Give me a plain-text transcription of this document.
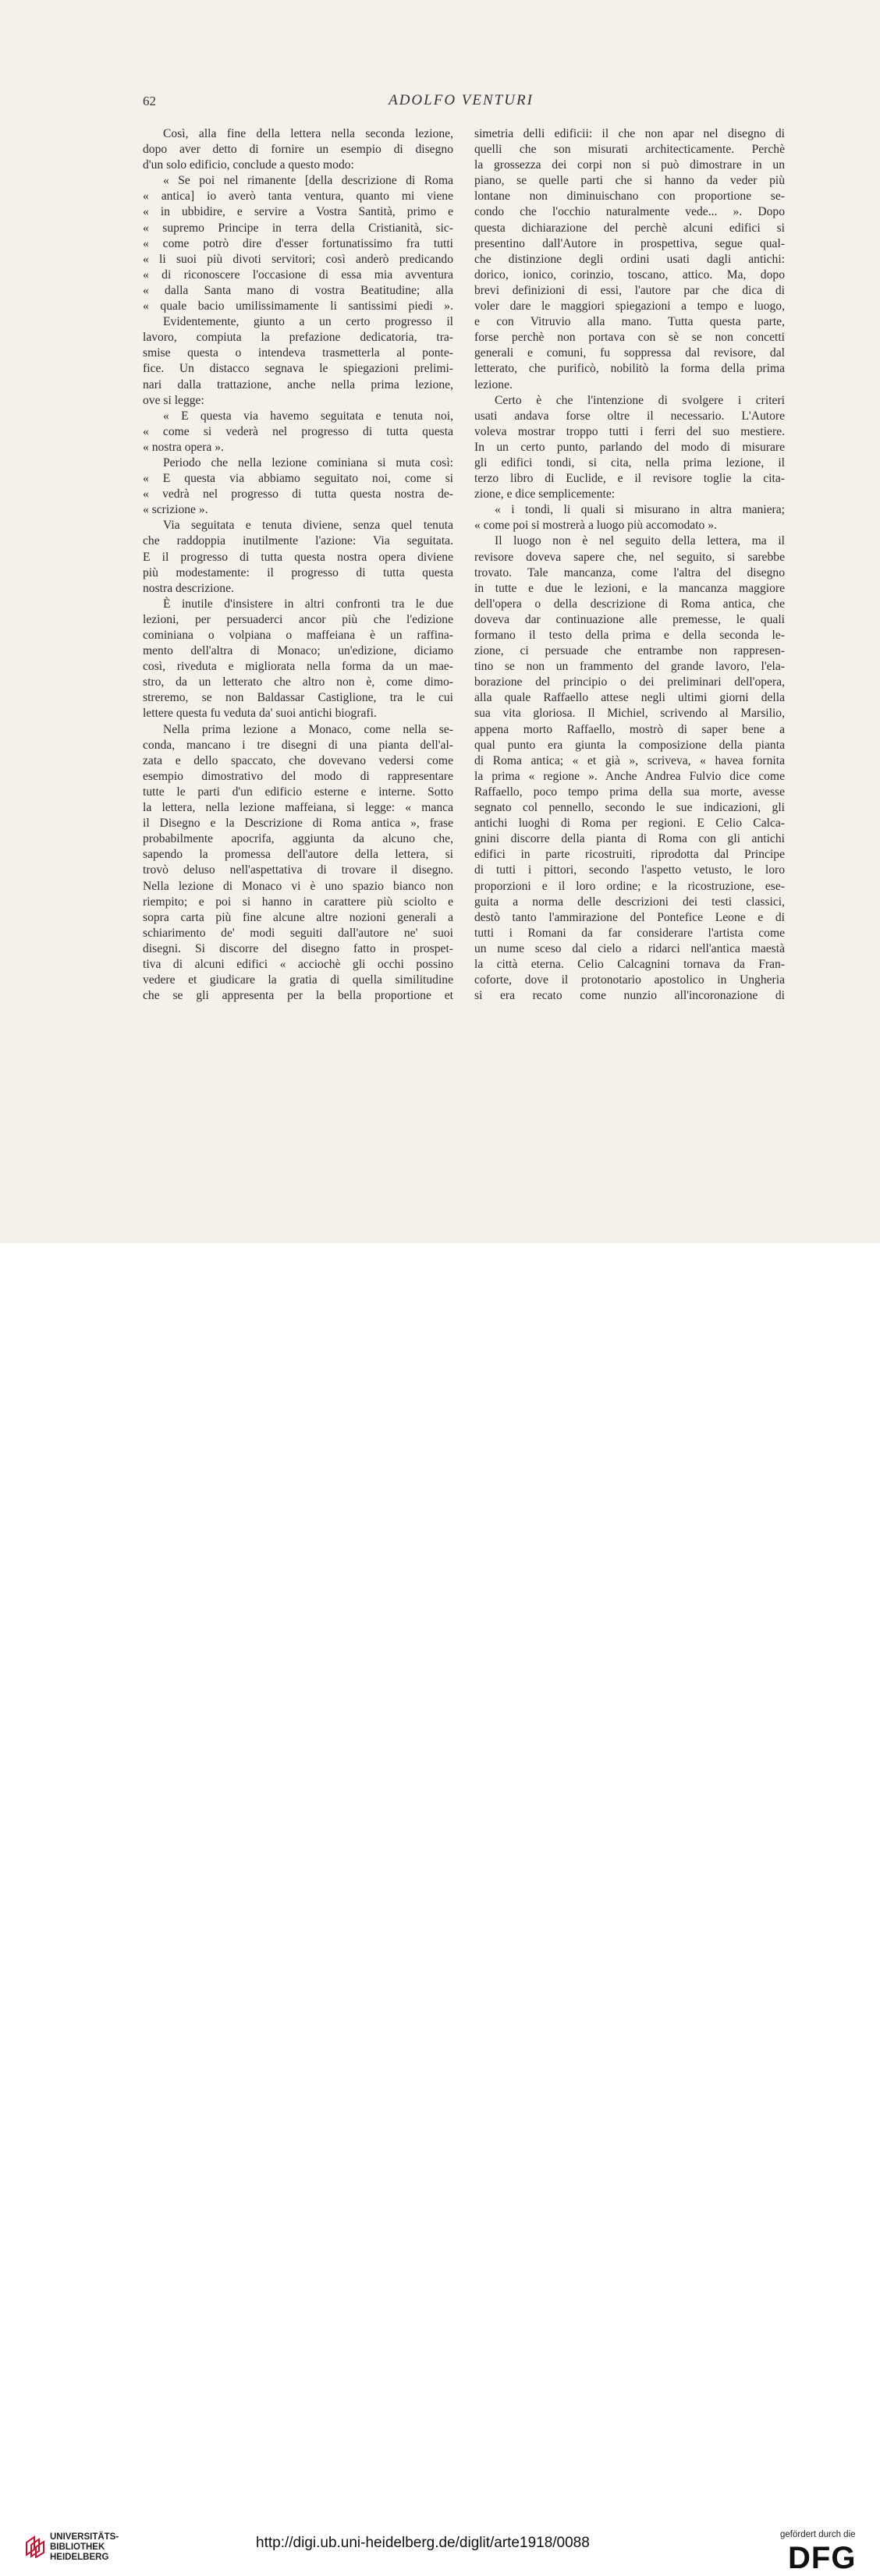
62	ADOLFO VENTURI
Così, alla fine della lettera nella seconda lezione,
dopo aver detto di fornire un esempio di disegno
d'un solo edificio, conclude a questo modo:
« Se poi nel rimanente [della descrizione di Roma
« antica] io averò tanta ventura, quanto mi viene
« in ubbidire, e servire a Vostra Santità, primo e
« supremo Principe in terra della Cristianità, sic-
« come potrò dire d'esser fortunatissimo fra tutti
« li suoi più divoti servitori; così anderò predicando
« di riconoscere l'occasione di essa mia avventura
« dalla Santa mano di vostra Beatitudine; alla
« quale bacio umilissimamente li santissimi piedi ».
Evidentemente, giunto a un certo progresso il
lavoro, compiuta la prefazione dedicatoria, tra-
smise questa o intendeva trasmetterla al ponte-
fice. Un distacco segnava le spiegazioni prelimi-
nari dalla trattazione, anche nella prima lezione,
ove si legge:
« E questa via havemo seguitata e tenuta noi,
« come si vederà nel progresso di tutta questa
« nostra opera ».
Periodo che nella lezione cominiana si muta così:
« E questa via abbiamo seguitato noi, come si
« vedrà nel progresso di tutta questa nostra de-
« scrizione ».
Via seguitata e tenuta diviene, senza quel tenuta
che raddoppia inutilmente l'azione: Via seguitata.
E il progresso di tutta questa nostra opera diviene
più modestamente: il progresso di tutta questa
nostra descrizione.
È inutile d'insistere in altri confronti tra le due
lezioni, per persuaderci ancor più che l'edizione
cominiana o volpiana o maffeiana è un raffina-
mento dell'altra di Monaco; un'edizione, diciamo
così, riveduta e migliorata nella forma da un mae-
stro, da un letterato che altro non è, come dimo-
streremo, se non Baldassar Castiglione, tra le cui
lettere questa fu veduta da' suoi antichi biografi.
Nella prima lezione a Monaco, come nella se-
conda, mancano i tre disegni di una pianta dell'al-
zata e dello spaccato, che dovevano vedersi come
esempio dimostrativo del modo di rappresentare
tutte le parti d'un edificio esterne e interne. Sotto
la lettera, nella lezione maffeiana, si legge: « manca
il Disegno e la Descrizione di Roma antica », frase
probabilmente apocrifa, aggiunta da alcuno che,
sapendo la promessa dell'autore della lettera, si
trovò deluso nell'aspettativa di trovare il disegno.
Nella lezione di Monaco vi è uno spazio bianco non
riempito; e poi si hanno in carattere più sciolto e
sopra carta più fine alcune altre nozioni generali a
schiarimento de' modi seguiti dall'autore ne' suoi
disegni. Si discorre del disegno fatto in prospet-
tiva di alcuni edifici « acciochè gli occhi possino
vedere et giudicare la gratia di quella similitudine
che se gli appresenta per la bella proportione et
simetria delli edificii: il che non apar nel disegno di
quelli che son misurati architecticamente. Perchè
la grossezza dei corpi non si può dimostrare in un
piano, se quelle parti che si hanno da veder più
lontane non diminuischano con proportione se-
condo che l'occhio naturalmente vede... ». Dopo
questa dichiarazione del perchè alcuni edifici si
presentino dall'Autore in prospettiva, segue qual-
che distinzione degli ordini usati dagli antichi:
dorico, ionico, corinzio, toscano, attico. Ma, dopo
brevi definizioni di essi, l'autore par che dica di
voler dare le maggiori spiegazioni a tempo e luogo,
e con Vitruvio alla mano. Tutta questa parte,
forse perchè non portava con sè se non concetti
generali e comuni, fu soppressa dal revisore, dal
letterato, che purificò, nobilitò la forma della prima
lezione.
Certo è che l'intenzione di svolgere i criteri
usati andava forse oltre il necessario. L'Autore
voleva mostrar troppo tutti i ferri del suo mestiere.
In un certo punto, parlando del modo di misurare
gli edifici tondi, si cita, nella prima lezione, il
terzo libro di Euclide, e il revisore toglie la cita-
zione, e dice semplicemente:
« i tondi, li quali si misurano in altra maniera;
« come poi si mostrerà a luogo più accomodato ».
Il luogo non è nel seguito della lettera, ma il
revisore doveva sapere che, nel seguito, si sarebbe
trovato. Tale mancanza, come l'altra del disegno
in tutte e due le lezioni, e la mancanza maggiore
dell'opera o della descrizione di Roma antica, che
doveva dar continuazione alle premesse, le quali
formano il testo della prima e della seconda le-
zione, ci persuade che entrambe non rappresen-
tino se non un frammento del grande lavoro, l'ela-
borazione del principio o dei preliminari dell'opera,
alla quale Raffaello attese negli ultimi giorni della
sua vita gloriosa. Il Michiel, scrivendo al Marsilio,
appena morto Raffaello, mostrò di saper bene a
qual punto era giunta la composizione della pianta
di Roma antica; « et già », scriveva, « havea fornita
la prima « regione ». Anche Andrea Fulvio dice come
Raffaello, poco tempo prima della sua morte, avesse
segnato col pennello, secondo le sue indicazioni, gli
antichi luoghi di Roma per regioni. E Celio Calca-
gnini discorre della pianta di Roma con gli antichi
edifici in parte ricostruiti, riprodotta dal Principe
di tutti i pittori, secondo l'aspetto vetusto, le loro
proporzioni e il loro ordine; e la ricostruzione, ese-
guita a norma delle descrizioni dei testi classici,
destò tanto l'ammirazione del Pontefice Leone e di
tutti i Romani da far considerare l'artista come
un nume sceso dal cielo a ridarci nell'antica maestà
la città eterna. Celio Calcagnini tornava da Fran-
coforte, dove il protonotario apostolico in Ungheria
si era recato come nunzio all'incoronazione di
UNIVERSITÄTS-
BIBLIOTHEK
HEIDELBERG
http://digi.ub.uni-heidelberg.de/diglit/arte1918/0088	gefördert durch die
DFG
